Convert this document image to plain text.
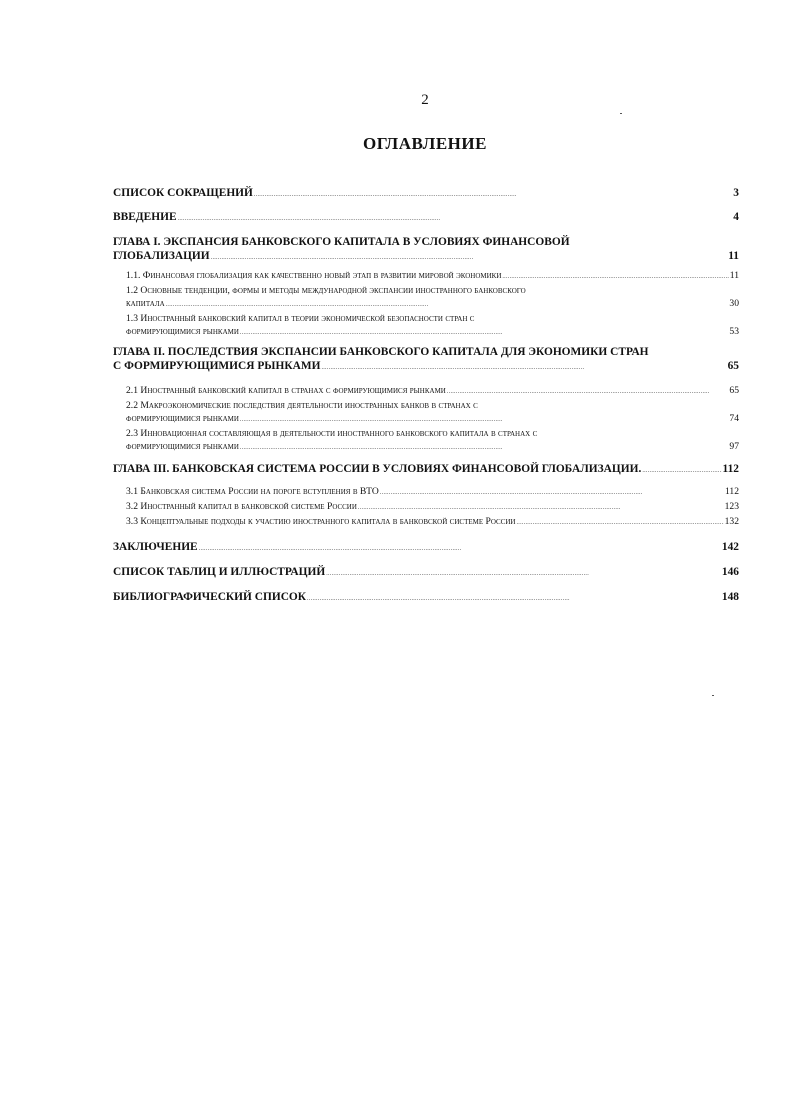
2
ОГЛАВЛЕНИЕ
СПИСОК СОКРАЩЕНИЙ . . .	3
ВВЕДЕНИЕ . . .	4
ГЛАВА I. ЭКСПАНСИЯ БАНКОВСКОГО КАПИТАЛА В УСЛОВИЯХ ФИНАНСОВОЙ
ГЛОБАЛИЗАЦИИ . . .	11
1.1. Финансовая глобализация как качественно новый этап в развитии мировой экономики . . .	11
1.2 Основные тенденции, формы и методы международной экспансии иностранного банковского
капитала . . .	30
1.3 Иностранный банковский капитал в теории экономической безопасности стран с
формирующимися рынками . . .	53
ГЛАВА II. ПОСЛЕДСТВИЯ ЭКСПАНСИИ БАНКОВСКОГО КАПИТАЛА ДЛЯ ЭКОНОМИКИ СТРАН
С ФОРМИРУЮЩИМИСЯ РЫНКАМИ . . .	65
2.1 Иностранный банковский капитал в странах с формирующимися рынками . . .	65
2.2 Макроэкономические последствия деятельности иностранных банков в странах с
формирующимися рынками . . .	74
2.3 Инновационная составляющая в деятельности иностранного банковского капитала в странах с
формирующимися рынками . . .	97
ГЛАВА III. БАНКОВСКАЯ СИСТЕМА РОССИИ В УСЛОВИЯХ ФИНАНСОВОЙ ГЛОБАЛИЗАЦИИ. . . .	112
3.1 Банковская система России на пороге вступления в ВТО . . .	112
3.2 Иностранный капитал в банковской системе России . . .	123
3.3 Концептуальные подходы к участию иностранного капитала в банковской системе России . . .	132
ЗАКЛЮЧЕНИЕ . . .	142
СПИСОК ТАБЛИЦ И ИЛЛЮСТРАЦИЙ . . .	146
БИБЛИОГРАФИЧЕСКИЙ СПИСОК . . .	148
